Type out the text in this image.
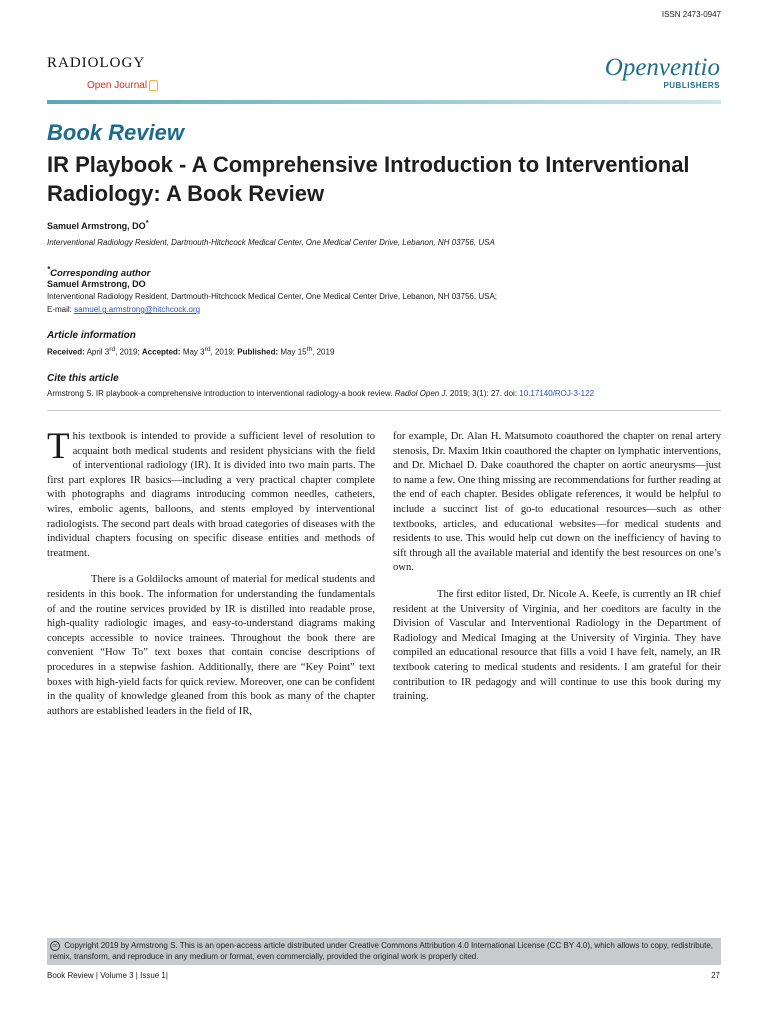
ISSN 2473-0947
RADIOLOGY
Open Journal
Openventio
PUBLISHERS
Book Review
IR Playbook - A Comprehensive Introduction to Interventional Radiology: A Book Review
Samuel Armstrong, DO*
Interventional Radiology Resident, Dartmouth-Hitchcock Medical Center, One Medical Center Drive, Lebanon, NH 03756, USA
*Corresponding author
Samuel Armstrong, DO
Interventional Radiology Resident, Dartmouth-Hitchcock Medical Center, One Medical Center Drive, Lebanon, NH 03756, USA;
E-mail: samuel.g.armstrong@hitchcock.org
Article information
Received: April 3rd, 2019; Accepted: May 3rd, 2019; Published: May 15th, 2019
Cite this article
Armstrong S. IR playbook-a comprehensive introduction to interventional radiology-a book review. Radiol Open J. 2019; 3(1): 27. doi: 10.17140/ROJ-3-122

This textbook is intended to provide a sufficient level of resolution to acquaint both medical students and resident physicians with the field of interventional radiology (IR). It is divided into two main parts. The first part explores IR basics—including a very practical chapter complete with photographs and diagrams introducing common needles, catheters, wires, embolic agents, balloons, and stents employed by interventional radiologists. The second part deals with broad categories of diseases with the individual chapters focusing on specific disease entities and methods of treatment.

There is a Goldilocks amount of material for medical students and residents in this book. The information for understanding the fundamentals of and the routine services provided by IR is distilled into readable prose, high-quality radiologic images, and easy-to-understand diagrams making concepts accessible to novice trainees. Throughout the book there are convenient “How To” text boxes that contain concise descriptions of procedures in a stepwise fashion. Additionally, there are “Key Point” text boxes with high-yield facts for quick review. Moreover, one can be confident in the quality of knowledge gleaned from this book as many of the chapter authors are established leaders in the field of IR,

for example, Dr. Alan H. Matsumoto coauthored the chapter on renal artery stenosis, Dr. Maxim Itkin coauthored the chapter on lymphatic interventions, and Dr. Michael D. Dake coauthored the chapter on aortic aneurysms—just to name a few. One thing missing are recommendations for further reading at the end of each chapter. Besides obligate references, it would be helpful to include a succinct list of go-to educational resources—such as other textbooks, articles, and educational websites—for medical students and residents to use. This would help cut down on the inefficiency of having to sift through all the available material and identify the best resources on one’s own.

The first editor listed, Dr. Nicole A. Keefe, is currently an IR chief resident at the University of Virginia, and her coeditors are faculty in the Division of Vascular and Interventional Radiology in the Department of Radiology and Medical Imaging at the University of Virginia. They have compiled an educational resource that fills a void I have felt, namely, an IR textbook catering to medical students and residents. I am grateful for their contribution to IR pedagogy and will continue to use this book during my training.

cc Copyright 2019 by Armstrong S. This is an open-access article distributed under Creative Commons Attribution 4.0 International License (CC BY 4.0), which allows to copy, redistribute, remix, transform, and reproduce in any medium or format, even commercially, provided the original work is properly cited.
Book Review | Volume 3 | Issue 1|	27
